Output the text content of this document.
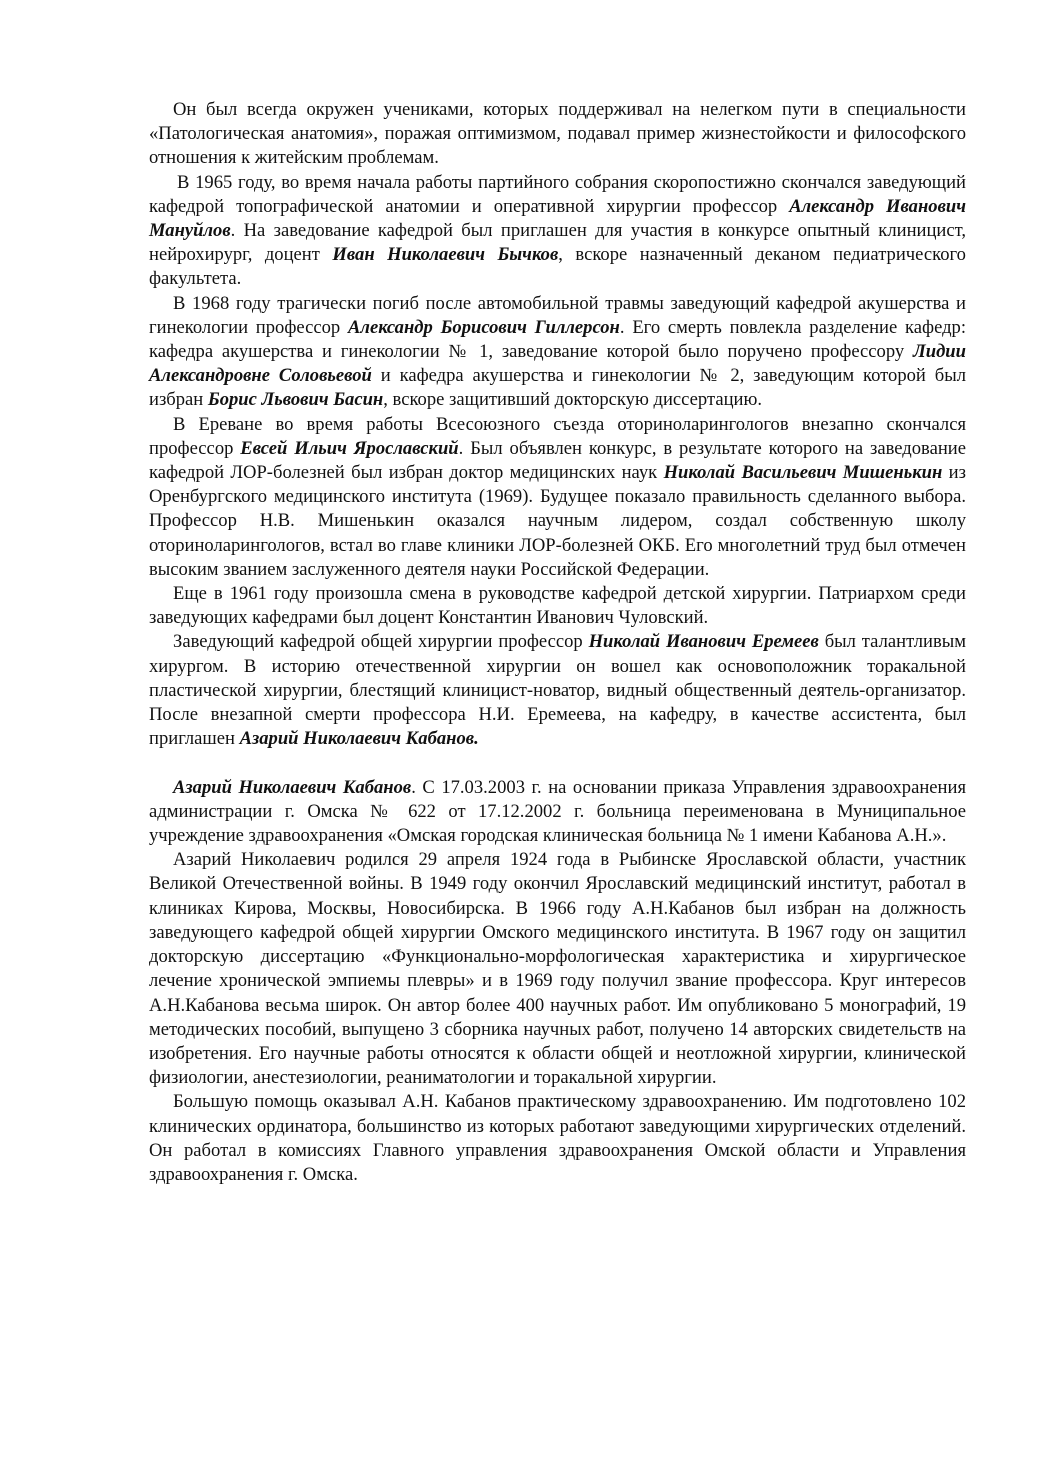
Он был всегда окружен учениками, которых поддерживал на нелегком пути в специальности «Патологическая анатомия», поражая оптимизмом, подавал пример жизнестойкости и философского отношения к житейским проблемам.

В 1965 году, во время начала работы партийного собрания скоропостижно скончался заведующий кафедрой топографической анатомии и оперативной хирургии профессор Александр Иванович Мануйлов. На заведование кафедрой был приглашен для участия в конкурсе опытный клиницист, нейрохирург, доцент Иван Николаевич Бычков, вскоре назначенный деканом педиатрического факультета.

В 1968 году трагически погиб после автомобильной травмы заведующий кафедрой акушерства и гинекологии профессор Александр Борисович Гиллерсон. Его смерть повлекла разделение кафедр: кафедра акушерства и гинекологии № 1, заведование которой было поручено профессору Лидии Александровне Соловьевой и кафедра акушерства и гинекологии № 2, заведующим которой был избран Борис Львович Басин, вскоре защитивший докторскую диссертацию.

В Ереване во время работы Всесоюзного съезда оториноларингологов внезапно скончался профессор Евсей Ильич Ярославский. Был объявлен конкурс, в результате которого на заведование кафедрой ЛОР-болезней был избран доктор медицинских наук Николай Васильевич Мишенькин из Оренбургского медицинского института (1969). Будущее показало правильность сделанного выбора. Профессор Н.В. Мишенькин оказался научным лидером, создал собственную школу оториноларингологов, встал во главе клиники ЛОР-болезней ОКБ. Его многолетний труд был отмечен высоким званием заслуженного деятеля науки Российской Федерации.

Еще в 1961 году произошла смена в руководстве кафедрой детской хирургии. Патриархом среди заведующих кафедрами был доцент Константин Иванович Чуловский.

Заведующий кафедрой общей хирургии профессор Николай Иванович Еремеев был талантливым хирургом. В историю отечественной хирургии он вошел как основоположник торакальной пластической хирургии, блестящий клиницист-новатор, видный общественный деятель-организатор. После внезапной смерти профессора Н.И. Еремеева, на кафедру, в качестве ассистента, был приглашен Азарий Николаевич Кабанов.

Азарий Николаевич Кабанов. С 17.03.2003 г. на основании приказа Управления здравоохранения администрации г. Омска № 622 от 17.12.2002 г. больница переименована в Муниципальное учреждение здравоохранения «Омская городская клиническая больница № 1 имени Кабанова А.Н.».

Азарий Николаевич родился 29 апреля 1924 года в Рыбинске Ярославской области, участник Великой Отечественной войны. В 1949 году окончил Ярославский медицинский институт, работал в клиниках Кирова, Москвы, Новосибирска. В 1966 году А.Н.Кабанов был избран на должность заведующего кафедрой общей хирургии Омского медицинского института. В 1967 году он защитил докторскую диссертацию «Функционально-морфологическая характеристика и хирургическое лечение хронической эмпиемы плевры» и в 1969 году получил звание профессора. Круг интересов А.Н.Кабанова весьма широк. Он автор более 400 научных работ. Им опубликовано 5 монографий, 19 методических пособий, выпущено 3 сборника научных работ, получено 14 авторских свидетельств на изобретения. Его научные работы относятся к области общей и неотложной хирургии, клинической физиологии, анестезиологии, реаниматологии и торакальной хирургии.

Большую помощь оказывал А.Н. Кабанов практическому здравоохранению. Им подготовлено 102 клинических ординатора, большинство из которых работают заведующими хирургических отделений. Он работал в комиссиях Главного управления здравоохранения Омской области и Управления здравоохранения г. Омска.
